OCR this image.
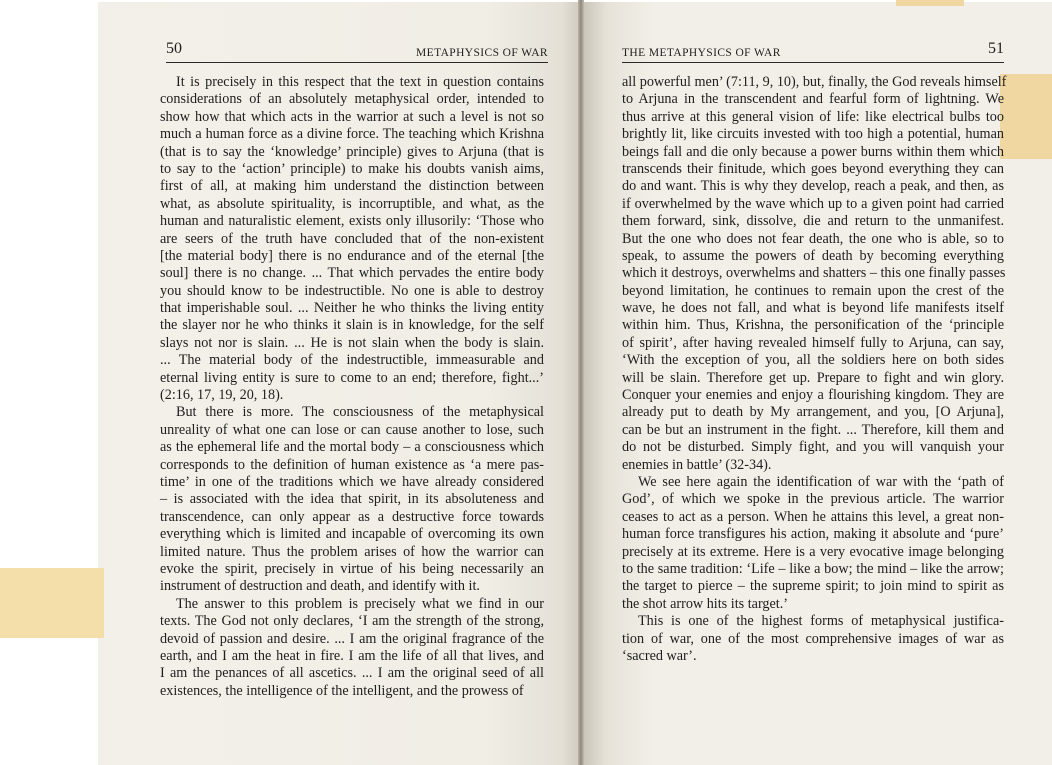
50	METAPHYSICS OF WAR	THE METAPHYSICS OF WAR	51
It is precisely in this respect that the text in question contains
considerations of an absolutely metaphysical order, intended to
show how that which acts in the warrior at such a level is not so
much a human force as a divine force. The teaching which Krishna
(that is to say the ‘knowledge’ principle) gives to Arjuna (that is
to say to the ‘action’ principle) to make his doubts vanish aims,
first of all, at making him understand the distinction between
what, as absolute spirituality, is incorruptible, and what, as the
human and naturalistic element, exists only illusorily: ‘Those who
are seers of the truth have concluded that of the non-existent
[the material body] there is no endurance and of the eternal [the
soul] there is no change. ... That which pervades the entire body
you should know to be indestructible. No one is able to destroy
that imperishable soul. ... Neither he who thinks the living entity
the slayer nor he who thinks it slain is in knowledge, for the self
slays not nor is slain. ... He is not slain when the body is slain.
... The material body of the indestructible, immeasurable and
eternal living entity is sure to come to an end; therefore, fight...’
(2:16, 17, 19, 20, 18).
But there is more. The consciousness of the metaphysical
unreality of what one can lose or can cause another to lose, such
as the ephemeral life and the mortal body – a consciousness which
corresponds to the definition of human existence as ‘a mere pas-
time’ in one of the traditions which we have already considered
– is associated with the idea that spirit, in its absoluteness and
transcendence, can only appear as a destructive force towards
everything which is limited and incapable of overcoming its own
limited nature. Thus the problem arises of how the warrior can
evoke the spirit, precisely in virtue of his being necessarily an
instrument of destruction and death, and identify with it.
The answer to this problem is precisely what we find in our
texts. The God not only declares, ‘I am the strength of the strong,
devoid of passion and desire. ... I am the original fragrance of the
earth, and I am the heat in fire. I am the life of all that lives, and
I am the penances of all ascetics. ... I am the original seed of all
existences, the intelligence of the intelligent, and the prowess of
all powerful men’ (7:11, 9, 10), but, finally, the God reveals himself
to Arjuna in the transcendent and fearful form of lightning. We
thus arrive at this general vision of life: like electrical bulbs too
brightly lit, like circuits invested with too high a potential, human
beings fall and die only because a power burns within them which
transcends their finitude, which goes beyond everything they can
do and want. This is why they develop, reach a peak, and then, as
if overwhelmed by the wave which up to a given point had carried
them forward, sink, dissolve, die and return to the unmanifest.
But the one who does not fear death, the one who is able, so to
speak, to assume the powers of death by becoming everything
which it destroys, overwhelms and shatters – this one finally passes
beyond limitation, he continues to remain upon the crest of the
wave, he does not fall, and what is beyond life manifests itself
within him. Thus, Krishna, the personification of the ‘principle
of spirit’, after having revealed himself fully to Arjuna, can say,
‘With the exception of you, all the soldiers here on both sides
will be slain. Therefore get up. Prepare to fight and win glory.
Conquer your enemies and enjoy a flourishing kingdom. They are
already put to death by My arrangement, and you, [O Arjuna],
can be but an instrument in the fight. ... Therefore, kill them and
do not be disturbed. Simply fight, and you will vanquish your
enemies in battle’ (32-34).
We see here again the identification of war with the ‘path of
God’, of which we spoke in the previous article. The warrior
ceases to act as a person. When he attains this level, a great non-
human force transfigures his action, making it absolute and ‘pure’
precisely at its extreme. Here is a very evocative image belonging
to the same tradition: ‘Life – like a bow; the mind – like the arrow;
the target to pierce – the supreme spirit; to join mind to spirit as
the shot arrow hits its target.’
This is one of the highest forms of metaphysical justifica-
tion of war, one of the most comprehensive images of war as
‘sacred war’.
